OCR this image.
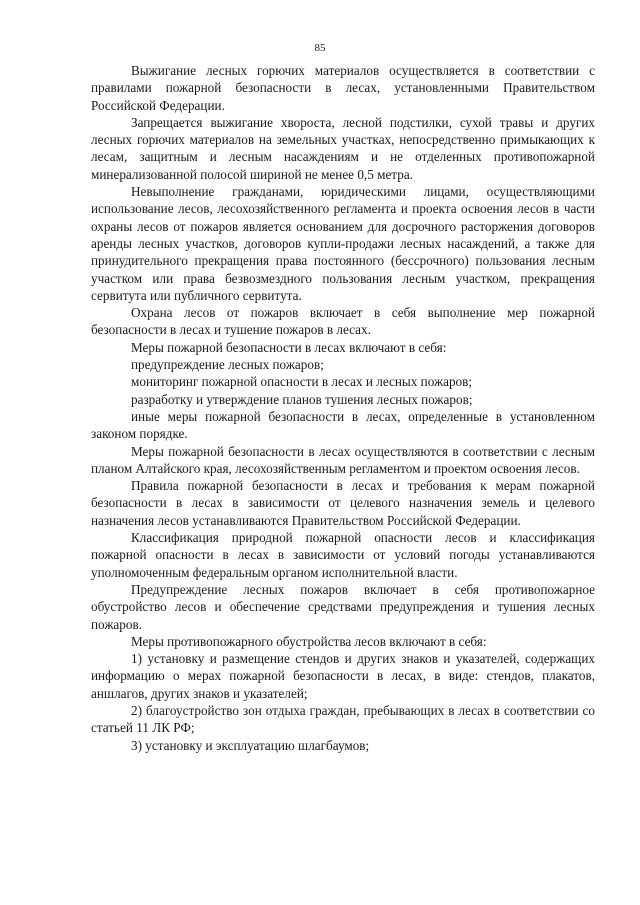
85

Выжигание лесных горючих материалов осуществляется в соответствии с правилами пожарной безопасности в лесах, установленными Правительством Российской Федерации.

Запрещается выжигание хвороста, лесной подстилки, сухой травы и других лесных горючих материалов на земельных участках, непосредственно примыкающих к лесам, защитным и лесным насаждениям и не отделенных противопожарной минерализованной полосой шириной не менее 0,5 метра.

Невыполнение гражданами, юридическими лицами, осуществляющими использование лесов, лесохозяйственного регламента и проекта освоения лесов в части охраны лесов от пожаров является основанием для досрочного расторжения договоров аренды лесных участков, договоров купли-продажи лесных насаждений, а также для принудительного прекращения права постоянного (бессрочного) пользования лесным участком или права безвозмездного пользования лесным участком, прекращения сервитута или публичного сервитута.

Охрана лесов от пожаров включает в себя выполнение мер пожарной безопасности в лесах и тушение пожаров в лесах.

Меры пожарной безопасности в лесах включают в себя:

предупреждение лесных пожаров;

мониторинг пожарной опасности в лесах и лесных пожаров;

разработку и утверждение планов тушения лесных пожаров;

иные меры пожарной безопасности в лесах, определенные в установленном законом порядке.

Меры пожарной безопасности в лесах осуществляются в соответствии с лесным планом Алтайского края, лесохозяйственным регламентом и проектом освоения лесов.

Правила пожарной безопасности в лесах и требования к мерам пожарной безопасности в лесах в зависимости от целевого назначения земель и целевого назначения лесов устанавливаются Правительством Российской Федерации.

Классификация природной пожарной опасности лесов и классификация пожарной опасности в лесах в зависимости от условий погоды устанавливаются уполномоченным федеральным органом исполнительной власти.

Предупреждение лесных пожаров включает в себя противопожарное обустройство лесов и обеспечение средствами предупреждения и тушения лесных пожаров.

Меры противопожарного обустройства лесов включают в себя:

1) установку и размещение стендов и других знаков и указателей, содержащих информацию о мерах пожарной безопасности в лесах, в виде: стендов, плакатов, аншлагов, других знаков и указателей;

2) благоустройство зон отдыха граждан, пребывающих в лесах в соответствии со статьей 11 ЛК РФ;

3) установку и эксплуатацию шлагбаумов;
